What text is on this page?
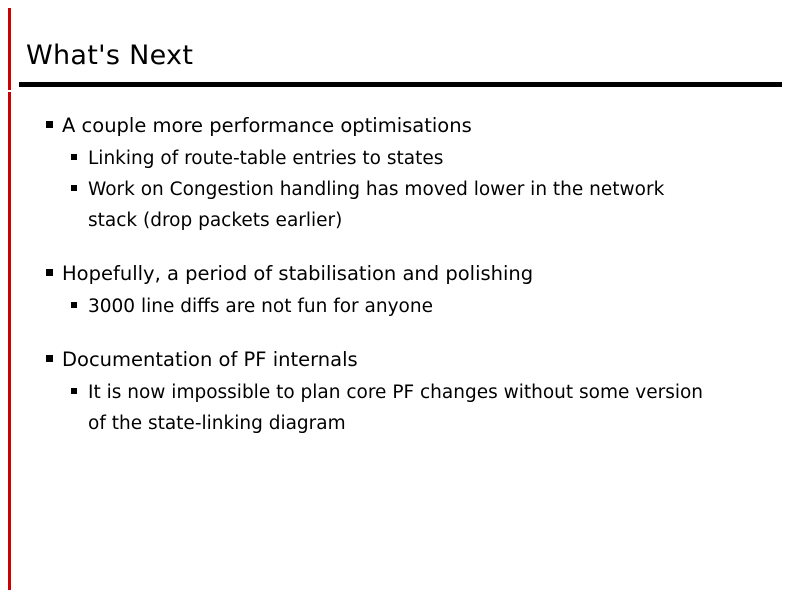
What's Next
A couple more performance optimisations
Linking of route-table entries to states
Work on Congestion handling has moved lower in the network
stack (drop packets earlier)
Hopefully, a period of stabilisation and polishing
3000 line diffs are not fun for anyone
Documentation of PF internals
It is now impossible to plan core PF changes without some version
of the state-linking diagram
